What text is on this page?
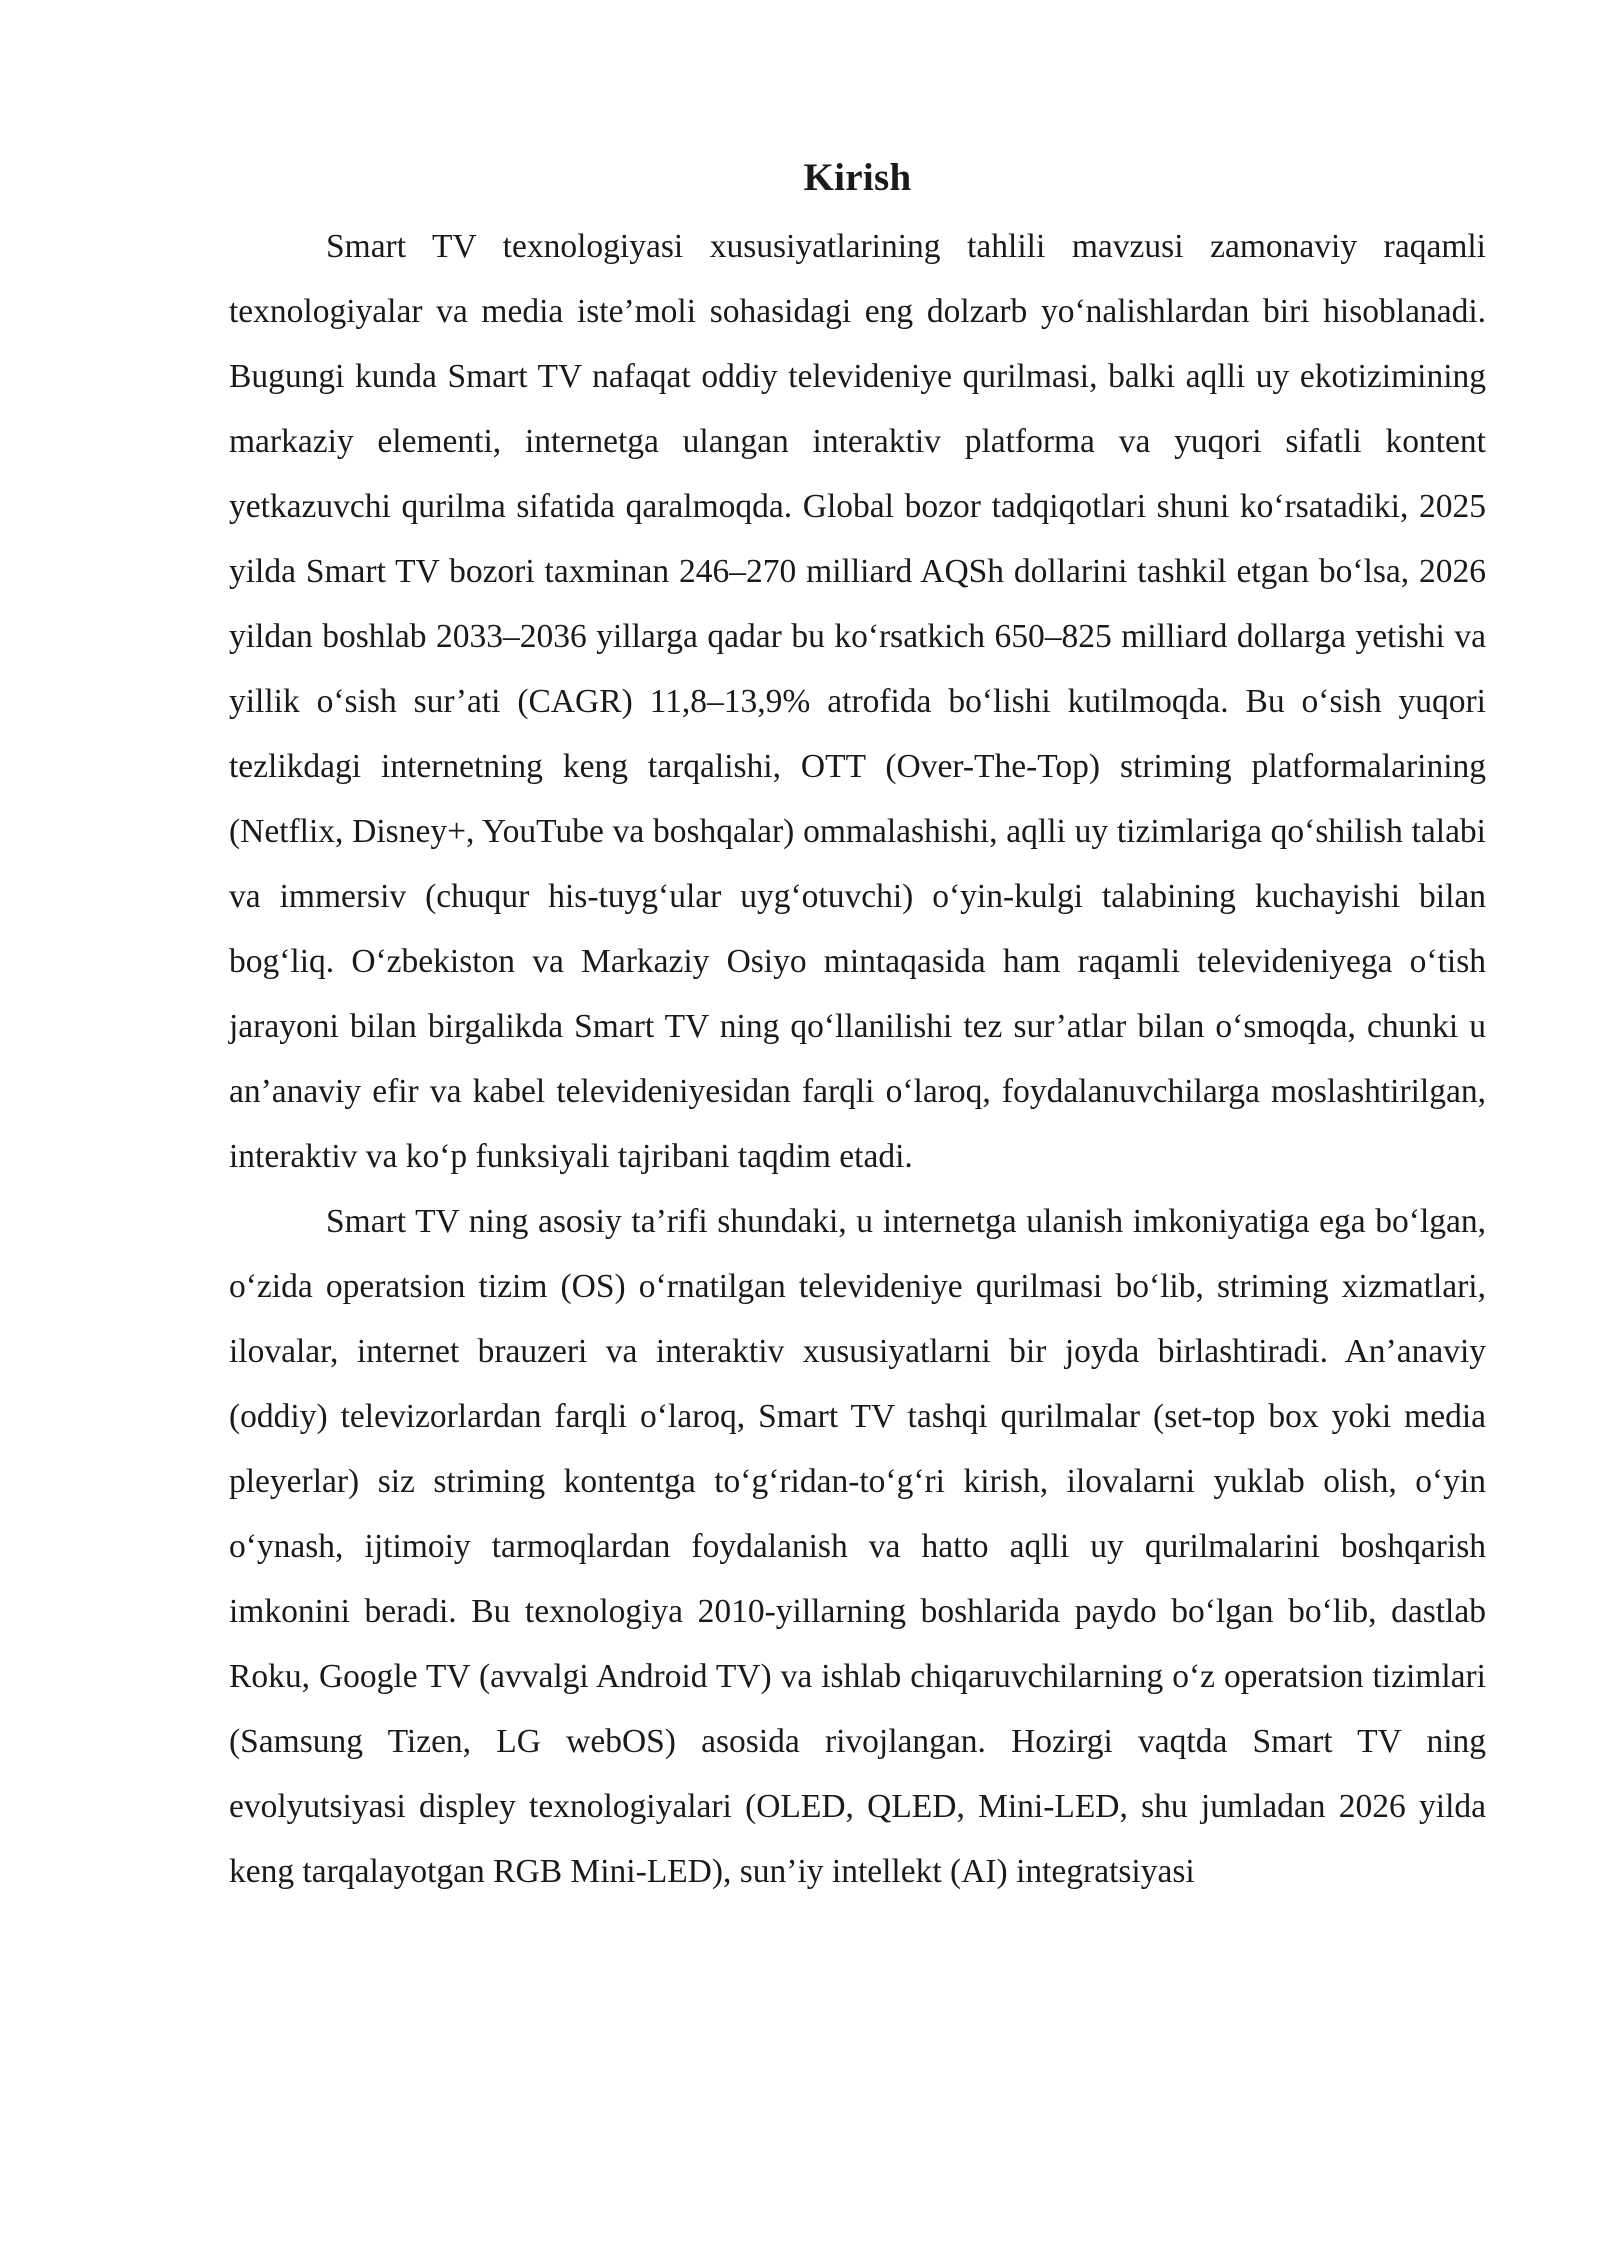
Kirish

Smart TV texnologiyasi xususiyatlarining tahlili mavzusi zamonaviy raqamli texnologiyalar va media iste’moli sohasidagi eng dolzarb yo‘nalishlardan biri hisoblanadi. Bugungi kunda Smart TV nafaqat oddiy televideniye qurilmasi, balki aqlli uy ekotizimining markaziy elementi, internetga ulangan interaktiv platforma va yuqori sifatli kontent yetkazuvchi qurilma sifatida qaralmoqda. Global bozor tadqiqotlari shuni ko‘rsatadiki, 2025 yilda Smart TV bozori taxminan 246–270 milliard AQSh dollarini tashkil etgan bo‘lsa, 2026 yildan boshlab 2033–2036 yillarga qadar bu ko‘rsatkich 650–825 milliard dollarga yetishi va yillik o‘sish sur’ati (CAGR) 11,8–13,9% atrofida bo‘lishi kutilmoqda. Bu o‘sish yuqori tezlikdagi internetning keng tarqalishi, OTT (Over-The-Top) striming platformalarining (Netflix, Disney+, YouTube va boshqalar) ommalashishi, aqlli uy tizimlariga qo‘shilish talabi va immersiv (chuqur his-tuyg‘ular uyg‘otuvchi) o‘yin-kulgi talabining kuchayishi bilan bog‘liq. O‘zbekiston va Markaziy Osiyo mintaqasida ham raqamli televideniyega o‘tish jarayoni bilan birgalikda Smart TV ning qo‘llanilishi tez sur’atlar bilan o‘smoqda, chunki u an’anaviy efir va kabel televideniyesidan farqli o‘laroq, foydalanuvchilarga moslashtirilgan, interaktiv va ko‘p funksiyali tajribani taqdim etadi.

Smart TV ning asosiy ta’rifi shundaki, u internetga ulanish imkoniyatiga ega bo‘lgan, o‘zida operatsion tizim (OS) o‘rnatilgan televideniye qurilmasi bo‘lib, striming xizmatlari, ilovalar, internet brauzeri va interaktiv xususiyatlarni bir joyda birlashtiradi. An’anaviy (oddiy) televizorlardan farqli o‘laroq, Smart TV tashqi qurilmalar (set-top box yoki media pleyerlar) siz striming kontentga to‘g‘ridan-to‘g‘ri kirish, ilovalarni yuklab olish, o‘yin o‘ynash, ijtimoiy tarmoqlardan foydalanish va hatto aqlli uy qurilmalarini boshqarish imkonini beradi. Bu texnologiya 2010-yillarning boshlarida paydo bo‘lgan bo‘lib, dastlab Roku, Google TV (avvalgi Android TV) va ishlab chiqaruvchilarning o‘z operatsion tizimlari (Samsung Tizen, LG webOS) asosida rivojlangan. Hozirgi vaqtda Smart TV ning evolyutsiyasi displey texnologiyalari (OLED, QLED, Mini-LED, shu jumladan 2026 yilda keng tarqalayotgan RGB Mini-LED), sun’iy intellekt (AI) integratsiyasi
